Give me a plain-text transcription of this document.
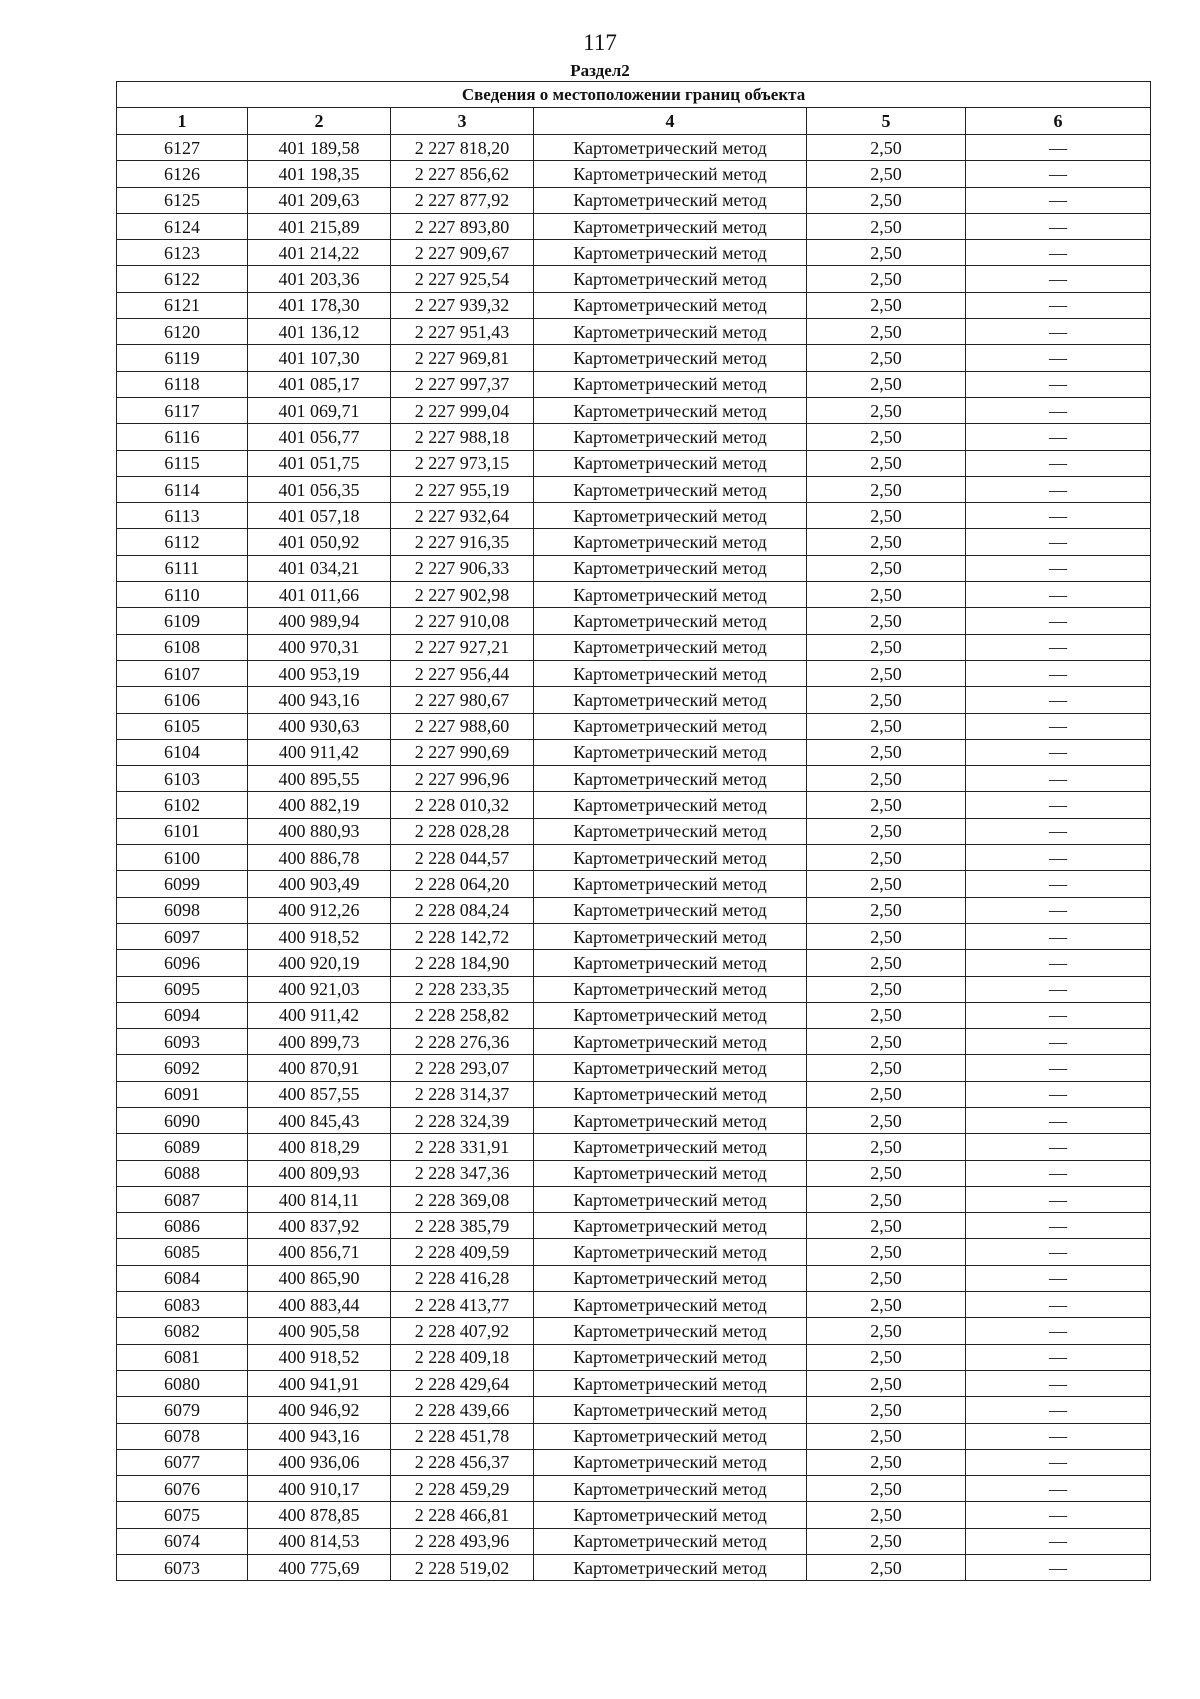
117
Раздел2
Сведения о местоположении границ объекта					
1	2	3	4	5	6
6127	401 189,58	2 227 818,20	Картометрический метод	2,50	—
6126	401 198,35	2 227 856,62	Картометрический метод	2,50	—
6125	401 209,63	2 227 877,92	Картометрический метод	2,50	—
6124	401 215,89	2 227 893,80	Картометрический метод	2,50	—
6123	401 214,22	2 227 909,67	Картометрический метод	2,50	—
6122	401 203,36	2 227 925,54	Картометрический метод	2,50	—
6121	401 178,30	2 227 939,32	Картометрический метод	2,50	—
6120	401 136,12	2 227 951,43	Картометрический метод	2,50	—
6119	401 107,30	2 227 969,81	Картометрический метод	2,50	—
6118	401 085,17	2 227 997,37	Картометрический метод	2,50	—
6117	401 069,71	2 227 999,04	Картометрический метод	2,50	—
6116	401 056,77	2 227 988,18	Картометрический метод	2,50	—
6115	401 051,75	2 227 973,15	Картометрический метод	2,50	—
6114	401 056,35	2 227 955,19	Картометрический метод	2,50	—
6113	401 057,18	2 227 932,64	Картометрический метод	2,50	—
6112	401 050,92	2 227 916,35	Картометрический метод	2,50	—
6111	401 034,21	2 227 906,33	Картометрический метод	2,50	—
6110	401 011,66	2 227 902,98	Картометрический метод	2,50	—
6109	400 989,94	2 227 910,08	Картометрический метод	2,50	—
6108	400 970,31	2 227 927,21	Картометрический метод	2,50	—
6107	400 953,19	2 227 956,44	Картометрический метод	2,50	—
6106	400 943,16	2 227 980,67	Картометрический метод	2,50	—
6105	400 930,63	2 227 988,60	Картометрический метод	2,50	—
6104	400 911,42	2 227 990,69	Картометрический метод	2,50	—
6103	400 895,55	2 227 996,96	Картометрический метод	2,50	—
6102	400 882,19	2 228 010,32	Картометрический метод	2,50	—
6101	400 880,93	2 228 028,28	Картометрический метод	2,50	—
6100	400 886,78	2 228 044,57	Картометрический метод	2,50	—
6099	400 903,49	2 228 064,20	Картометрический метод	2,50	—
6098	400 912,26	2 228 084,24	Картометрический метод	2,50	—
6097	400 918,52	2 228 142,72	Картометрический метод	2,50	—
6096	400 920,19	2 228 184,90	Картометрический метод	2,50	—
6095	400 921,03	2 228 233,35	Картометрический метод	2,50	—
6094	400 911,42	2 228 258,82	Картометрический метод	2,50	—
6093	400 899,73	2 228 276,36	Картометрический метод	2,50	—
6092	400 870,91	2 228 293,07	Картометрический метод	2,50	—
6091	400 857,55	2 228 314,37	Картометрический метод	2,50	—
6090	400 845,43	2 228 324,39	Картометрический метод	2,50	—
6089	400 818,29	2 228 331,91	Картометрический метод	2,50	—
6088	400 809,93	2 228 347,36	Картометрический метод	2,50	—
6087	400 814,11	2 228 369,08	Картометрический метод	2,50	—
6086	400 837,92	2 228 385,79	Картометрический метод	2,50	—
6085	400 856,71	2 228 409,59	Картометрический метод	2,50	—
6084	400 865,90	2 228 416,28	Картометрический метод	2,50	—
6083	400 883,44	2 228 413,77	Картометрический метод	2,50	—
6082	400 905,58	2 228 407,92	Картометрический метод	2,50	—
6081	400 918,52	2 228 409,18	Картометрический метод	2,50	—
6080	400 941,91	2 228 429,64	Картометрический метод	2,50	—
6079	400 946,92	2 228 439,66	Картометрический метод	2,50	—
6078	400 943,16	2 228 451,78	Картометрический метод	2,50	—
6077	400 936,06	2 228 456,37	Картометрический метод	2,50	—
6076	400 910,17	2 228 459,29	Картометрический метод	2,50	—
6075	400 878,85	2 228 466,81	Картометрический метод	2,50	—
6074	400 814,53	2 228 493,96	Картометрический метод	2,50	—
6073	400 775,69	2 228 519,02	Картометрический метод	2,50	—
